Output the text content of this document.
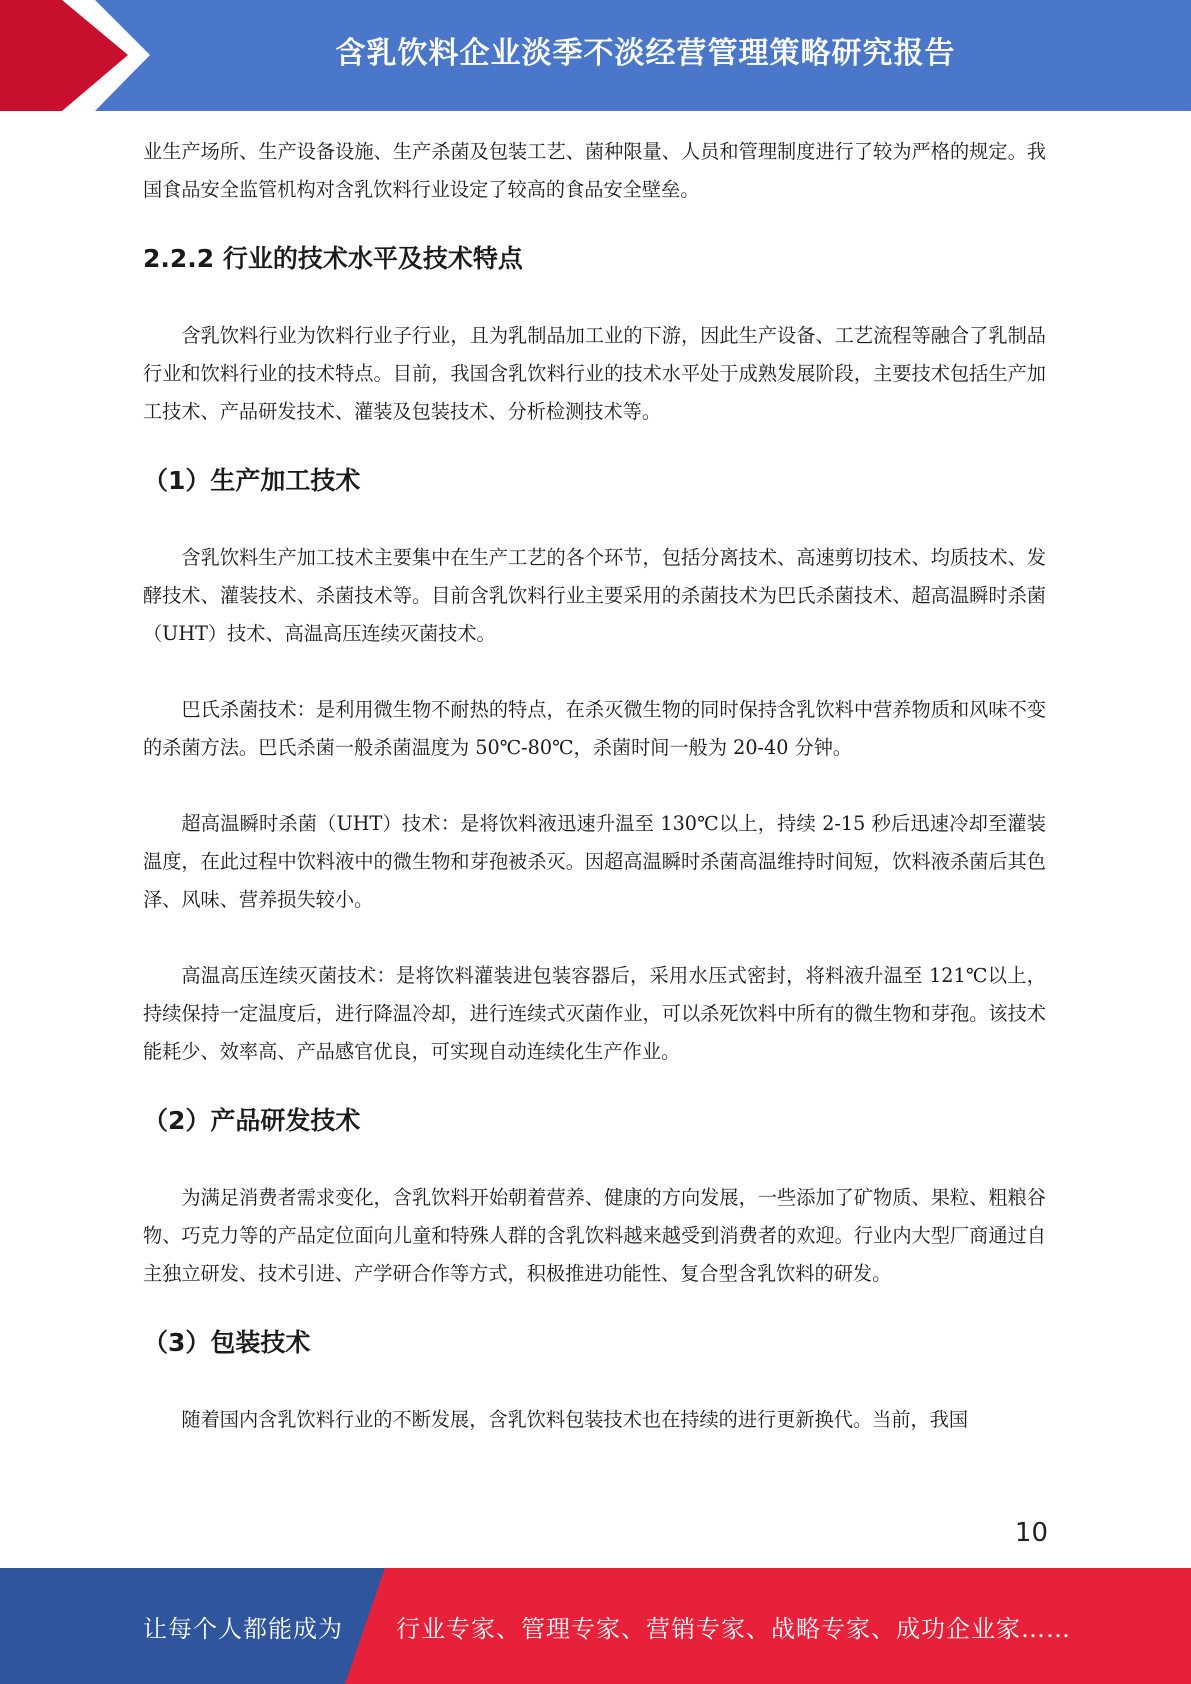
含乳饮料企业淡季不淡经营管理策略研究报告

业生产场所、生产设备设施、生产杀菌及包装工艺、菌种限量、人员和管理制度进行了较为严格的规定。我国食品安全监管机构对含乳饮料行业设定了较高的食品安全壁垒。

2.2.2 行业的技术水平及技术特点

含乳饮料行业为饮料行业子行业，且为乳制品加工业的下游，因此生产设备、工艺流程等融合了乳制品行业和饮料行业的技术特点。目前，我国含乳饮料行业的技术水平处于成熟发展阶段，主要技术包括生产加工技术、产品研发技术、灌装及包装技术、分析检测技术等。

（1）生产加工技术

含乳饮料生产加工技术主要集中在生产工艺的各个环节，包括分离技术、高速剪切技术、均质技术、发酵技术、灌装技术、杀菌技术等。目前含乳饮料行业主要采用的杀菌技术为巴氏杀菌技术、超高温瞬时杀菌（UHT）技术、高温高压连续灭菌技术。

巴氏杀菌技术：是利用微生物不耐热的特点，在杀灭微生物的同时保持含乳饮料中营养物质和风味不变的杀菌方法。巴氏杀菌一般杀菌温度为 50℃-80℃，杀菌时间一般为 20-40 分钟。

超高温瞬时杀菌（UHT）技术：是将饮料液迅速升温至 130℃以上，持续 2-15 秒后迅速冷却至灌装温度，在此过程中饮料液中的微生物和芽孢被杀灭。因超高温瞬时杀菌高温维持时间短，饮料液杀菌后其色泽、风味、营养损失较小。

高温高压连续灭菌技术：是将饮料灌装进包装容器后，采用水压式密封，将料液升温至 121℃以上，持续保持一定温度后，进行降温冷却，进行连续式灭菌作业，可以杀死饮料中所有的微生物和芽孢。该技术能耗少、效率高、产品感官优良，可实现自动连续化生产作业。

（2）产品研发技术

为满足消费者需求变化，含乳饮料开始朝着营养、健康的方向发展，一些添加了矿物质、果粒、粗粮谷物、巧克力等的产品定位面向儿童和特殊人群的含乳饮料越来越受到消费者的欢迎。行业内大型厂商通过自主独立研发、技术引进、产学研合作等方式，积极推进功能性、复合型含乳饮料的研发。

（3）包装技术

随着国内含乳饮料行业的不断发展，含乳饮料包装技术也在持续的进行更新换代。当前，我国

10
让每个人都能成为 行业专家、管理专家、营销专家、战略专家、成功企业家……
